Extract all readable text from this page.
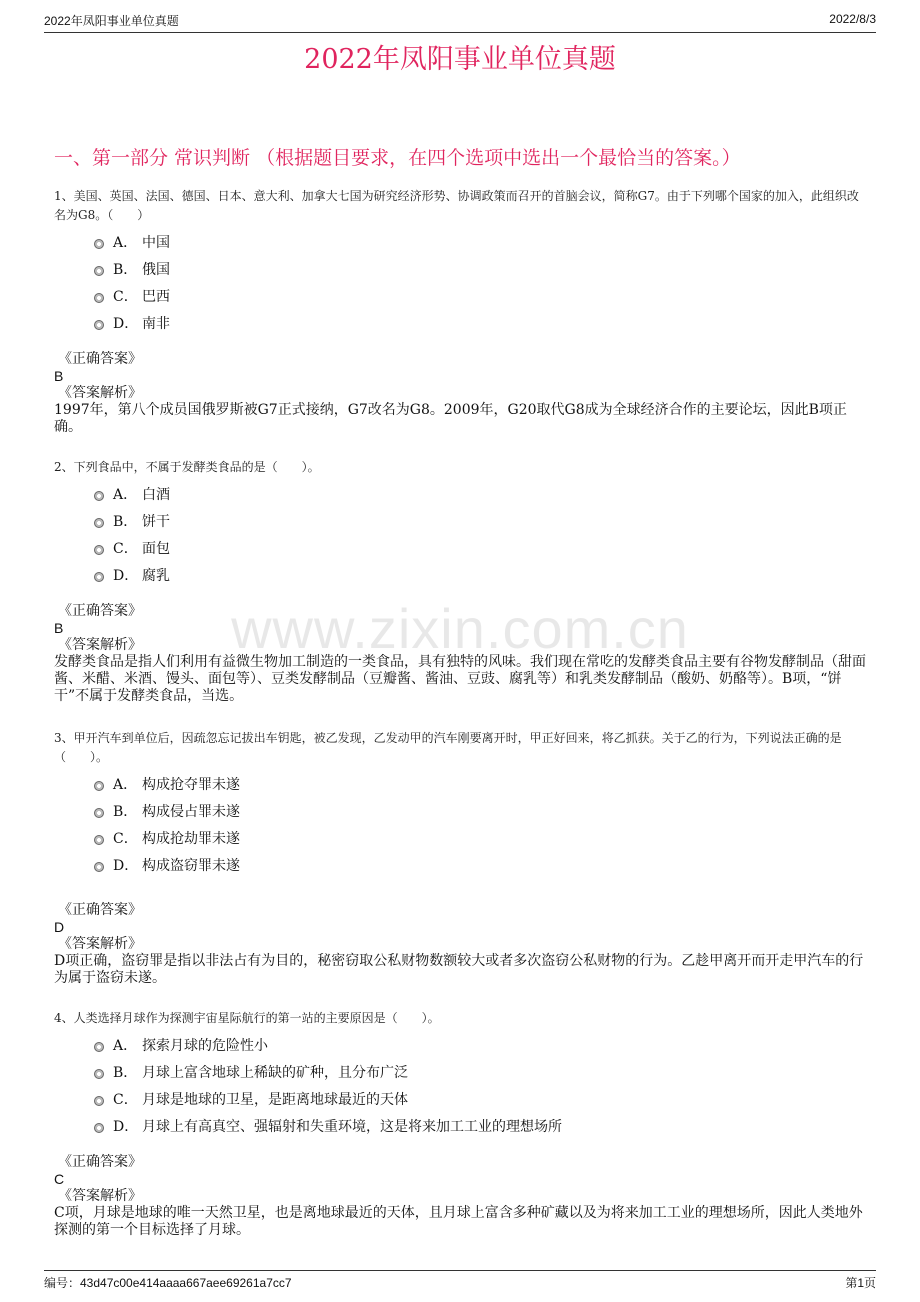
2022年凤阳事业单位真题	2022/8/3
2022年凤阳事业单位真题
一、第一部分 常识判断 （根据题目要求，在四个选项中选出一个最恰当的答案。）
www.zixin.com.cn

1、美国、英国、法国、德国、日本、意大利、加拿大七国为研究经济形势、协调政策而召开的首脑会议，简称G7。由于下列哪个国家的加入，此组织改名为G8。（　　）

A． 中国
B． 俄国
C． 巴西
D． 南非
《正确答案》
B
《答案解析》

1997年，第八个成员国俄罗斯被G7正式接纳，G7改名为G8。2009年，G20取代G8成为全球经济合作的主要论坛，因此B项正确。

2、下列食品中，不属于发酵类食品的是（　　）。

A． 白酒
B． 饼干
C． 面包
D． 腐乳
《正确答案》
B
《答案解析》

发酵类食品是指人们利用有益微生物加工制造的一类食品，具有独特的风味。我们现在常吃的发酵类食品主要有谷物发酵制品（甜面酱、米醋、米酒、馒头、面包等）、豆类发酵制品（豆瓣酱、酱油、豆豉、腐乳等）和乳类发酵制品（酸奶、奶酪等）。B项，“饼干”不属于发酵类食品，当选。

3、甲开汽车到单位后，因疏忽忘记拔出车钥匙，被乙发现，乙发动甲的汽车刚要离开时，甲正好回来，将乙抓获。关于乙的行为，下列说法正确的是（　　）。

A． 构成抢夺罪未遂
B． 构成侵占罪未遂
C． 构成抢劫罪未遂
D． 构成盗窃罪未遂
《正确答案》
D
《答案解析》

D项正确，盗窃罪是指以非法占有为目的，秘密窃取公私财物数额较大或者多次盗窃公私财物的行为。乙趁甲离开而开走甲汽车的行为属于盗窃未遂。

4、人类选择月球作为探测宇宙星际航行的第一站的主要原因是（　　）。

A． 探索月球的危险性小
B． 月球上富含地球上稀缺的矿种，且分布广泛
C． 月球是地球的卫星，是距离地球最近的天体
D． 月球上有高真空、强辐射和失重环境，这是将来加工工业的理想场所
《正确答案》
C
《答案解析》

C项，月球是地球的唯一天然卫星，也是离地球最近的天体，且月球上富含多种矿藏以及为将来加工工业的理想场所，因此人类地外探测的第一个目标选择了月球。

编号：43d47c00e414aaaa667aee69261a7cc7	第1页
